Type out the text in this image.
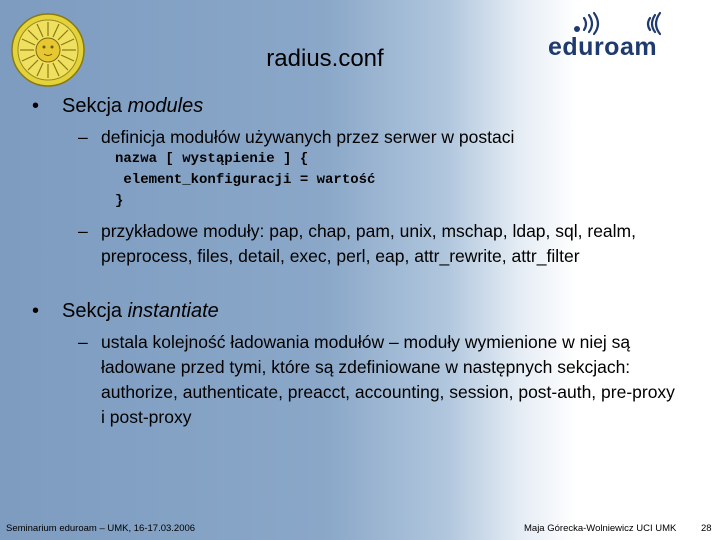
eduroam
radius.conf
• Sekcja modules
– definicja modułów używanych przez serwer w postaci
nazwa [ wystąpienie ] {
element_konfiguracji = wartość
}
– przykładowe moduły: pap, chap, pam, unix, mschap, ldap, sql, realm, preprocess, files, detail, exec, perl, eap, attr_rewrite, attr_filter
• Sekcja instantiate
– ustala kolejność ładowania modułów – moduły wymienione w niej są ładowane przed tymi, które są zdefiniowane w następnych sekcjach: authorize, authenticate, preacct, accounting, session, post-auth, pre-proxy i post-proxy
Seminarium eduroam – UMK, 16-17.03.2006	Maja Górecka-Wolniewicz UCI UMK	28
